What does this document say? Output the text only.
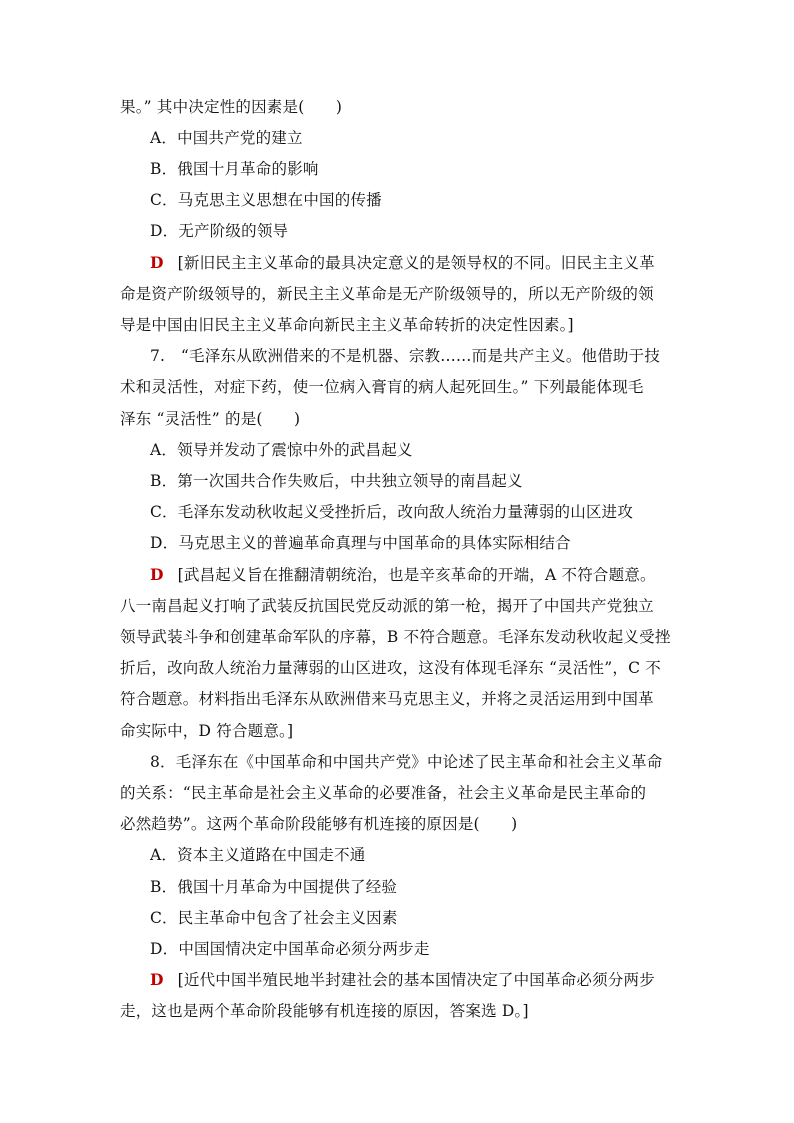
果。” 其中决定性的因素是(　　)
A．中国共产党的建立
B．俄国十月革命的影响
C．马克思主义思想在中国的传播
D．无产阶级的领导
D [新旧民主主义革命的最具决定意义的是领导权的不同。旧民主主义革
命是资产阶级领导的，新民主主义革命是无产阶级领导的，所以无产阶级的领
导是中国由旧民主主义革命向新民主主义革命转折的决定性因素。]
7.　“毛泽东从欧洲借来的不是机器、宗教……而是共产主义。他借助于技
术和灵活性，对症下药，使一位病入膏肓的病人起死回生。” 下列最能体现毛
泽东 “灵活性” 的是(　　)
A．领导并发动了震惊中外的武昌起义
B．第一次国共合作失败后，中共独立领导的南昌起义
C．毛泽东发动秋收起义受挫折后，改向敌人统治力量薄弱的山区进攻
D．马克思主义的普遍革命真理与中国革命的具体实际相结合
D [武昌起义旨在推翻清朝统治，也是辛亥革命的开端，A 不符合题意。
八一南昌起义打响了武装反抗国民党反动派的第一枪，揭开了中国共产党独立
领导武装斗争和创建革命军队的序幕，B 不符合题意。毛泽东发动秋收起义受挫
折后，改向敌人统治力量薄弱的山区进攻，这没有体现毛泽东 “灵活性”，C 不
符合题意。材料指出毛泽东从欧洲借来马克思主义，并将之灵活运用到中国革
命实际中，D 符合题意。]
8．毛泽东在《中国革命和中国共产党》中论述了民主革命和社会主义革命
的关系：“民主革命是社会主义革命的必要准备，社会主义革命是民主革命的
必然趋势”。这两个革命阶段能够有机连接的原因是(　　)
A．资本主义道路在中国走不通
B．俄国十月革命为中国提供了经验
C．民主革命中包含了社会主义因素
D．中国国情决定中国革命必须分两步走
D [近代中国半殖民地半封建社会的基本国情决定了中国革命必须分两步
走，这也是两个革命阶段能够有机连接的原因，答案选 D。]
